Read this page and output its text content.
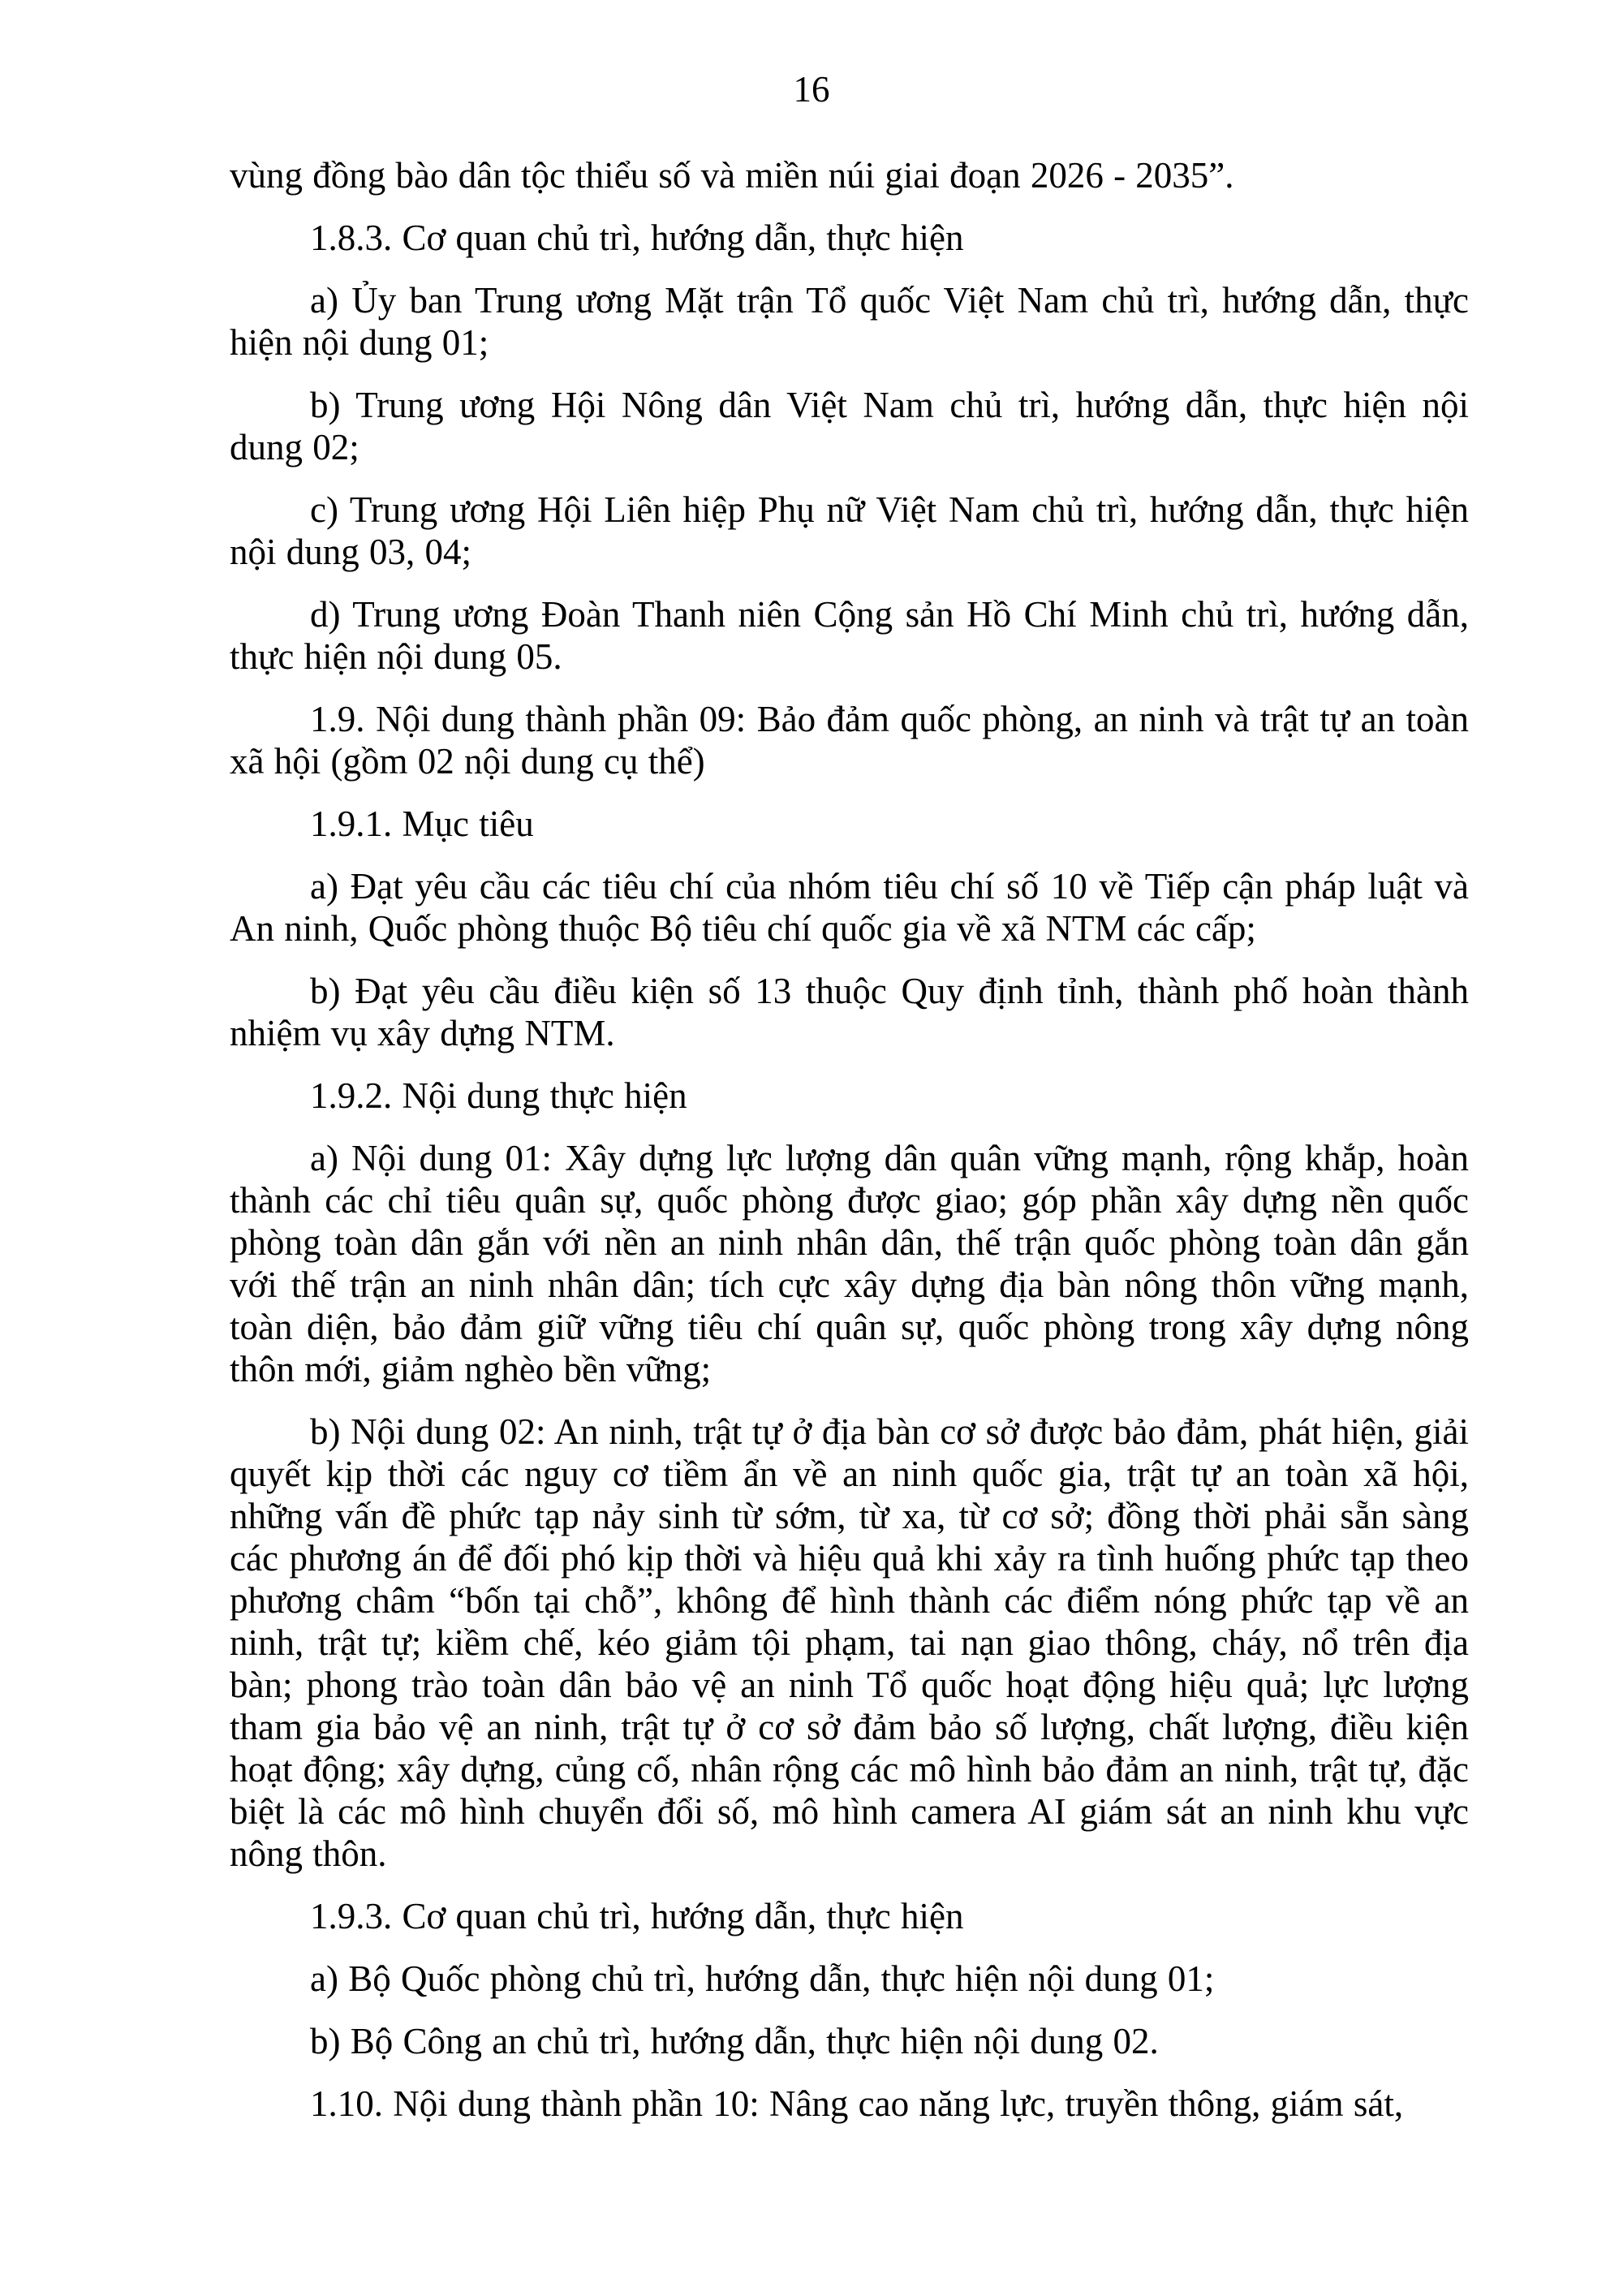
16

vùng đồng bào dân tộc thiểu số và miền núi giai đoạn 2026 - 2035”.

1.8.3. Cơ quan chủ trì, hướng dẫn, thực hiện

a) Ủy ban Trung ương Mặt trận Tổ quốc Việt Nam chủ trì, hướng dẫn, thực hiện nội dung 01;

b) Trung ương Hội Nông dân Việt Nam chủ trì, hướng dẫn, thực hiện nội dung 02;

c) Trung ương Hội Liên hiệp Phụ nữ Việt Nam chủ trì, hướng dẫn, thực hiện nội dung 03, 04;

d) Trung ương Đoàn Thanh niên Cộng sản Hồ Chí Minh chủ trì, hướng dẫn, thực hiện nội dung 05.

1.9. Nội dung thành phần 09: Bảo đảm quốc phòng, an ninh và trật tự an toàn xã hội (gồm 02 nội dung cụ thể)

1.9.1. Mục tiêu

a) Đạt yêu cầu các tiêu chí của nhóm tiêu chí số 10 về Tiếp cận pháp luật và An ninh, Quốc phòng thuộc Bộ tiêu chí quốc gia về xã NTM các cấp;

b) Đạt yêu cầu điều kiện số 13 thuộc Quy định tỉnh, thành phố hoàn thành nhiệm vụ xây dựng NTM.

1.9.2. Nội dung thực hiện

a) Nội dung 01: Xây dựng lực lượng dân quân vững mạnh, rộng khắp, hoàn thành các chỉ tiêu quân sự, quốc phòng được giao; góp phần xây dựng nền quốc phòng toàn dân gắn với nền an ninh nhân dân, thế trận quốc phòng toàn dân gắn với thế trận an ninh nhân dân; tích cực xây dựng địa bàn nông thôn vững mạnh, toàn diện, bảo đảm giữ vững tiêu chí quân sự, quốc phòng trong xây dựng nông thôn mới, giảm nghèo bền vững;

b) Nội dung 02: An ninh, trật tự ở địa bàn cơ sở được bảo đảm, phát hiện, giải quyết kịp thời các nguy cơ tiềm ẩn về an ninh quốc gia, trật tự an toàn xã hội, những vấn đề phức tạp nảy sinh từ sớm, từ xa, từ cơ sở; đồng thời phải sẵn sàng các phương án để đối phó kịp thời và hiệu quả khi xảy ra tình huống phức tạp theo phương châm “bốn tại chỗ”, không để hình thành các điểm nóng phức tạp về an ninh, trật tự; kiềm chế, kéo giảm tội phạm, tai nạn giao thông, cháy, nổ trên địa bàn; phong trào toàn dân bảo vệ an ninh Tổ quốc hoạt động hiệu quả; lực lượng tham gia bảo vệ an ninh, trật tự ở cơ sở đảm bảo số lượng, chất lượng, điều kiện hoạt động; xây dựng, củng cố, nhân rộng các mô hình bảo đảm an ninh, trật tự, đặc biệt là các mô hình chuyển đổi số, mô hình camera AI giám sát an ninh khu vực nông thôn.

1.9.3. Cơ quan chủ trì, hướng dẫn, thực hiện

a) Bộ Quốc phòng chủ trì, hướng dẫn, thực hiện nội dung 01;

b) Bộ Công an chủ trì, hướng dẫn, thực hiện nội dung 02.

1.10. Nội dung thành phần 10: Nâng cao năng lực, truyền thông, giám sát,
